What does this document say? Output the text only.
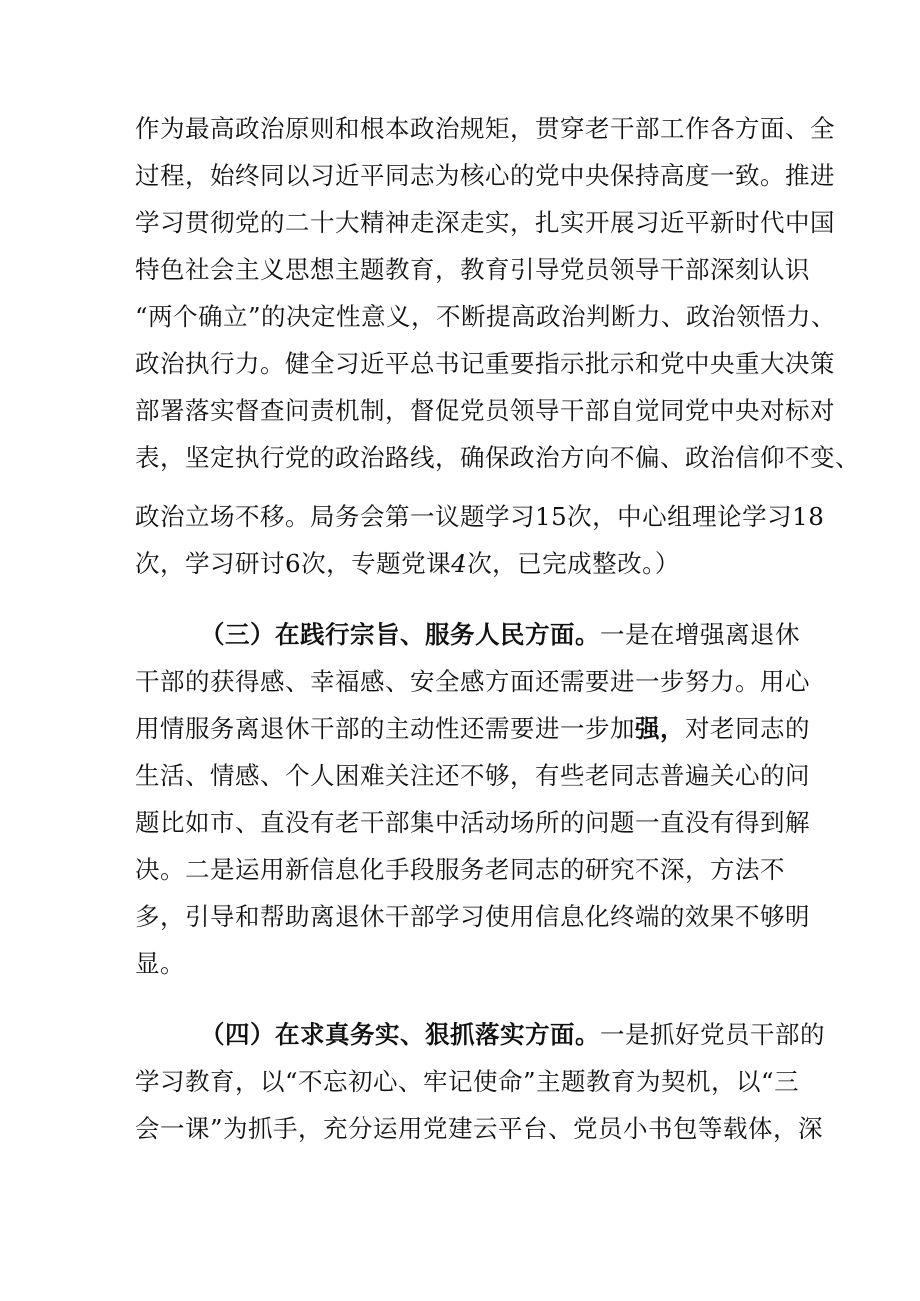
作为最高政治原则和根本政治规矩，贯穿老干部工作各方面、全
过程，始终同以习近平同志为核心的党中央保持高度一致。推进
学习贯彻党的二十大精神走深走实，扎实开展习近平新时代中国
特色社会主义思想主题教育，教育引导党员领导干部深刻认识
“两个确立”的决定性意义，不断提高政治判断力、政治领悟力、
政治执行力。健全习近平总书记重要指示批示和党中央重大决策
部署落实督查问责机制，督促党员领导干部自觉同党中央对标对
表，坚定执行党的政治路线，确保政治方向不偏、政治信仰不变、
政治立场不移。局务会第一议题学习15次，中心组理论学习18
次，学习研讨6次，专题党课4次，已完成整改。）
（三）在践行宗旨、服务人民方面。一是在增强离退休
干部的获得感、幸福感、安全感方面还需要进一步努力。用心
用情服务离退休干部的主动性还需要进一步加强，对老同志的
生活、情感、个人困难关注还不够，有些老同志普遍关心的问
题比如市、直没有老干部集中活动场所的问题一直没有得到解
决。二是运用新信息化手段服务老同志的研究不深，方法不
多，引导和帮助离退休干部学习使用信息化终端的效果不够明
显。
（四）在求真务实、狠抓落实方面。一是抓好党员干部的
学习教育，以“不忘初心、牢记使命”主题教育为契机，以“三
会一课”为抓手，充分运用党建云平台、党员小书包等载体，深
